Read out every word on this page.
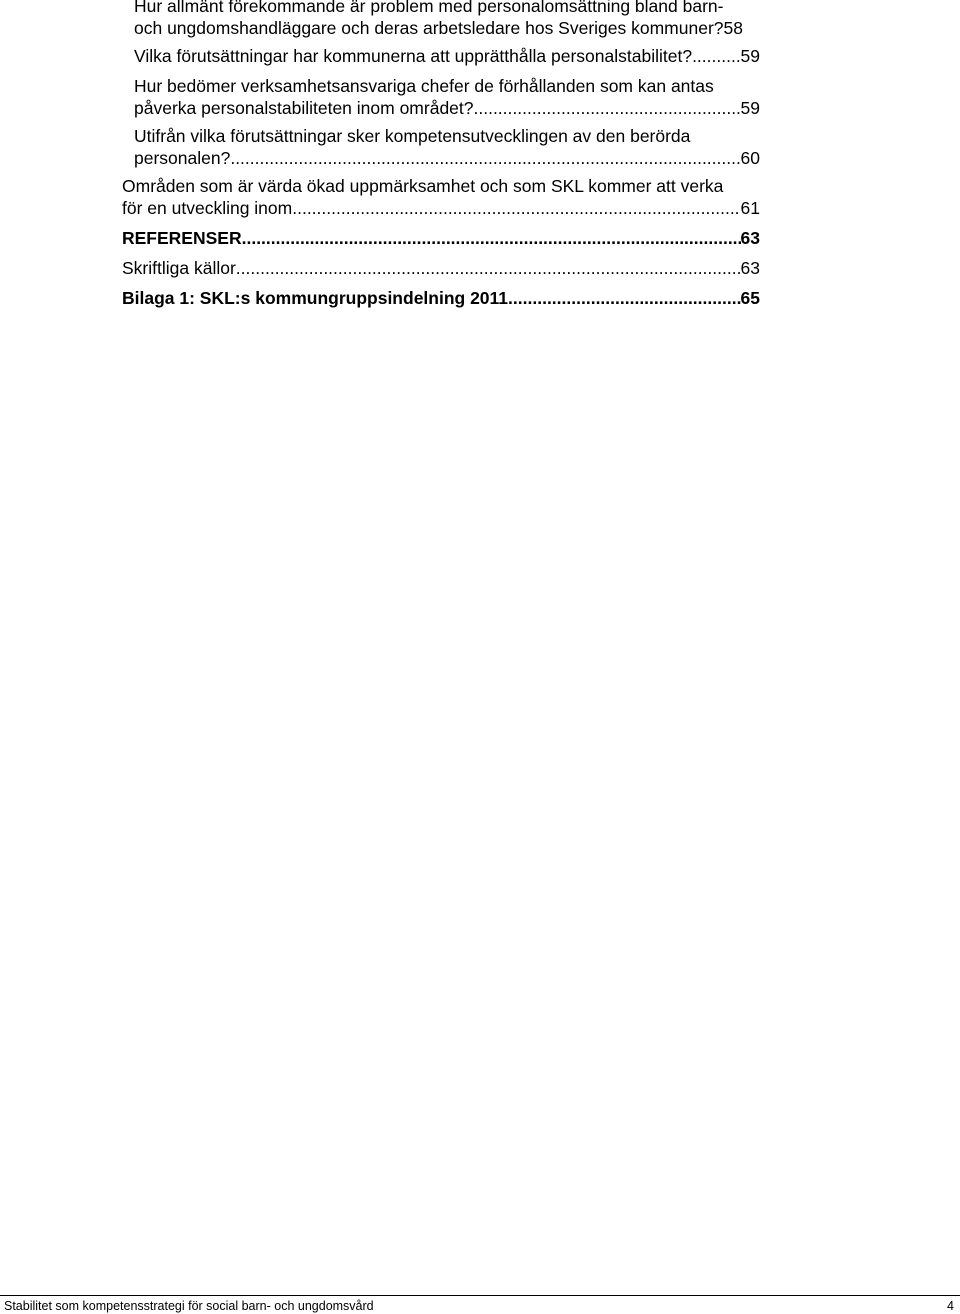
Hur allmänt förekommande är problem med personalomsättning bland barn-
och ungdomshandläggare och deras arbetsledare hos Sveriges kommuner? 58
Vilka förutsättningar har kommunerna att upprätthålla personalstabilitet? .....	59
Hur bedömer verksamhetsansvariga chefer de förhållanden som kan antas
påverka personalstabiliteten inom området? .....	59
Utifrån vilka förutsättningar sker kompetensutvecklingen av den berörda
personalen? .....	60
Områden som är värda ökad uppmärksamhet och som SKL kommer att verka
för en utveckling inom .....	61
REFERENSER .....	63
Skriftliga källor .....	63
Bilaga 1: SKL:s kommungruppsindelning 2011 .....	65
Stabilitet som kompetensstrategi för social barn- och ungdomsvård	4
